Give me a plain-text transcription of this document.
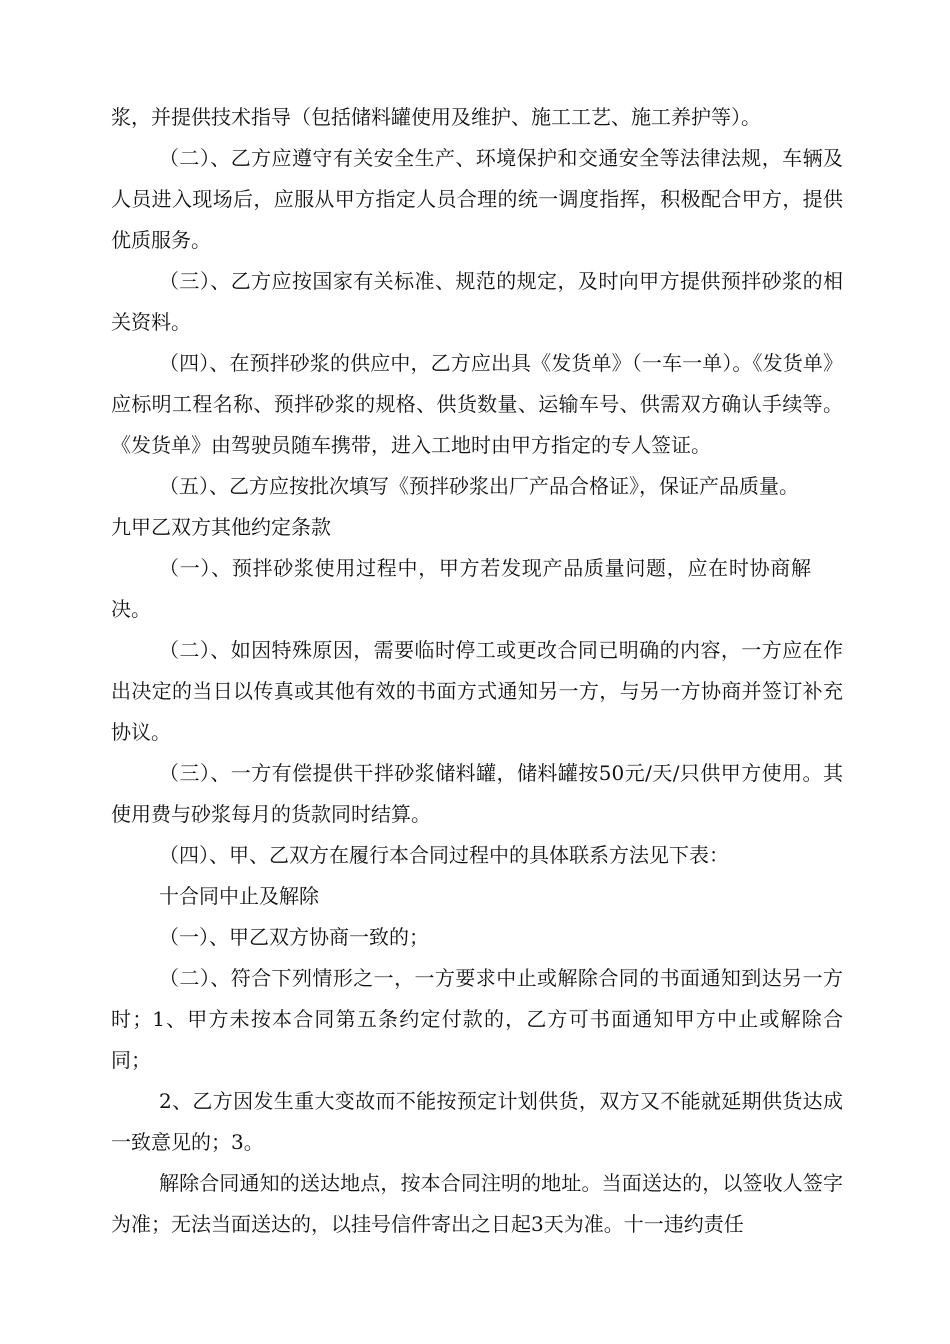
浆，并提供技术指导（包括储料罐使用及维护、施工工艺、施工养护等）。

（二）、乙方应遵守有关安全生产、环境保护和交通安全等法律法规，车辆及人员进入现场后，应服从甲方指定人员合理的统一调度指挥，积极配合甲方，提供优质服务。

（三）、乙方应按国家有关标准、规范的规定，及时向甲方提供预拌砂浆的相关资料。

（四）、在预拌砂浆的供应中，乙方应出具《发货单》（一车一单）。《发货单》应标明工程名称、预拌砂浆的规格、供货数量、运输车号、供需双方确认手续等。《发货单》由驾驶员随车携带，进入工地时由甲方指定的专人签证。

（五）、乙方应按批次填写《预拌砂浆出厂产品合格证》，保证产品质量。

九甲乙双方其他约定条款

（一）、预拌砂浆使用过程中，甲方若发现产品质量问题，应在时协商解决。

（二）、如因特殊原因，需要临时停工或更改合同已明确的内容，一方应在作出决定的当日以传真或其他有效的书面方式通知另一方，与另一方协商并签订补充协议。

（三）、一方有偿提供干拌砂浆储料罐，储料罐按50元/天/只供甲方使用。其使用费与砂浆每月的货款同时结算。

（四）、甲、乙双方在履行本合同过程中的具体联系方法见下表：

十合同中止及解除

（一）、甲乙双方协商一致的；

（二）、符合下列情形之一，一方要求中止或解除合同的书面通知到达另一方时；1、甲方未按本合同第五条约定付款的，乙方可书面通知甲方中止或解除合同；

2、乙方因发生重大变故而不能按预定计划供货，双方又不能就延期供货达成一致意见的；3。

解除合同通知的送达地点，按本合同注明的地址。当面送达的，以签收人签字为准；无法当面送达的，以挂号信件寄出之日起3天为准。十一违约责任
